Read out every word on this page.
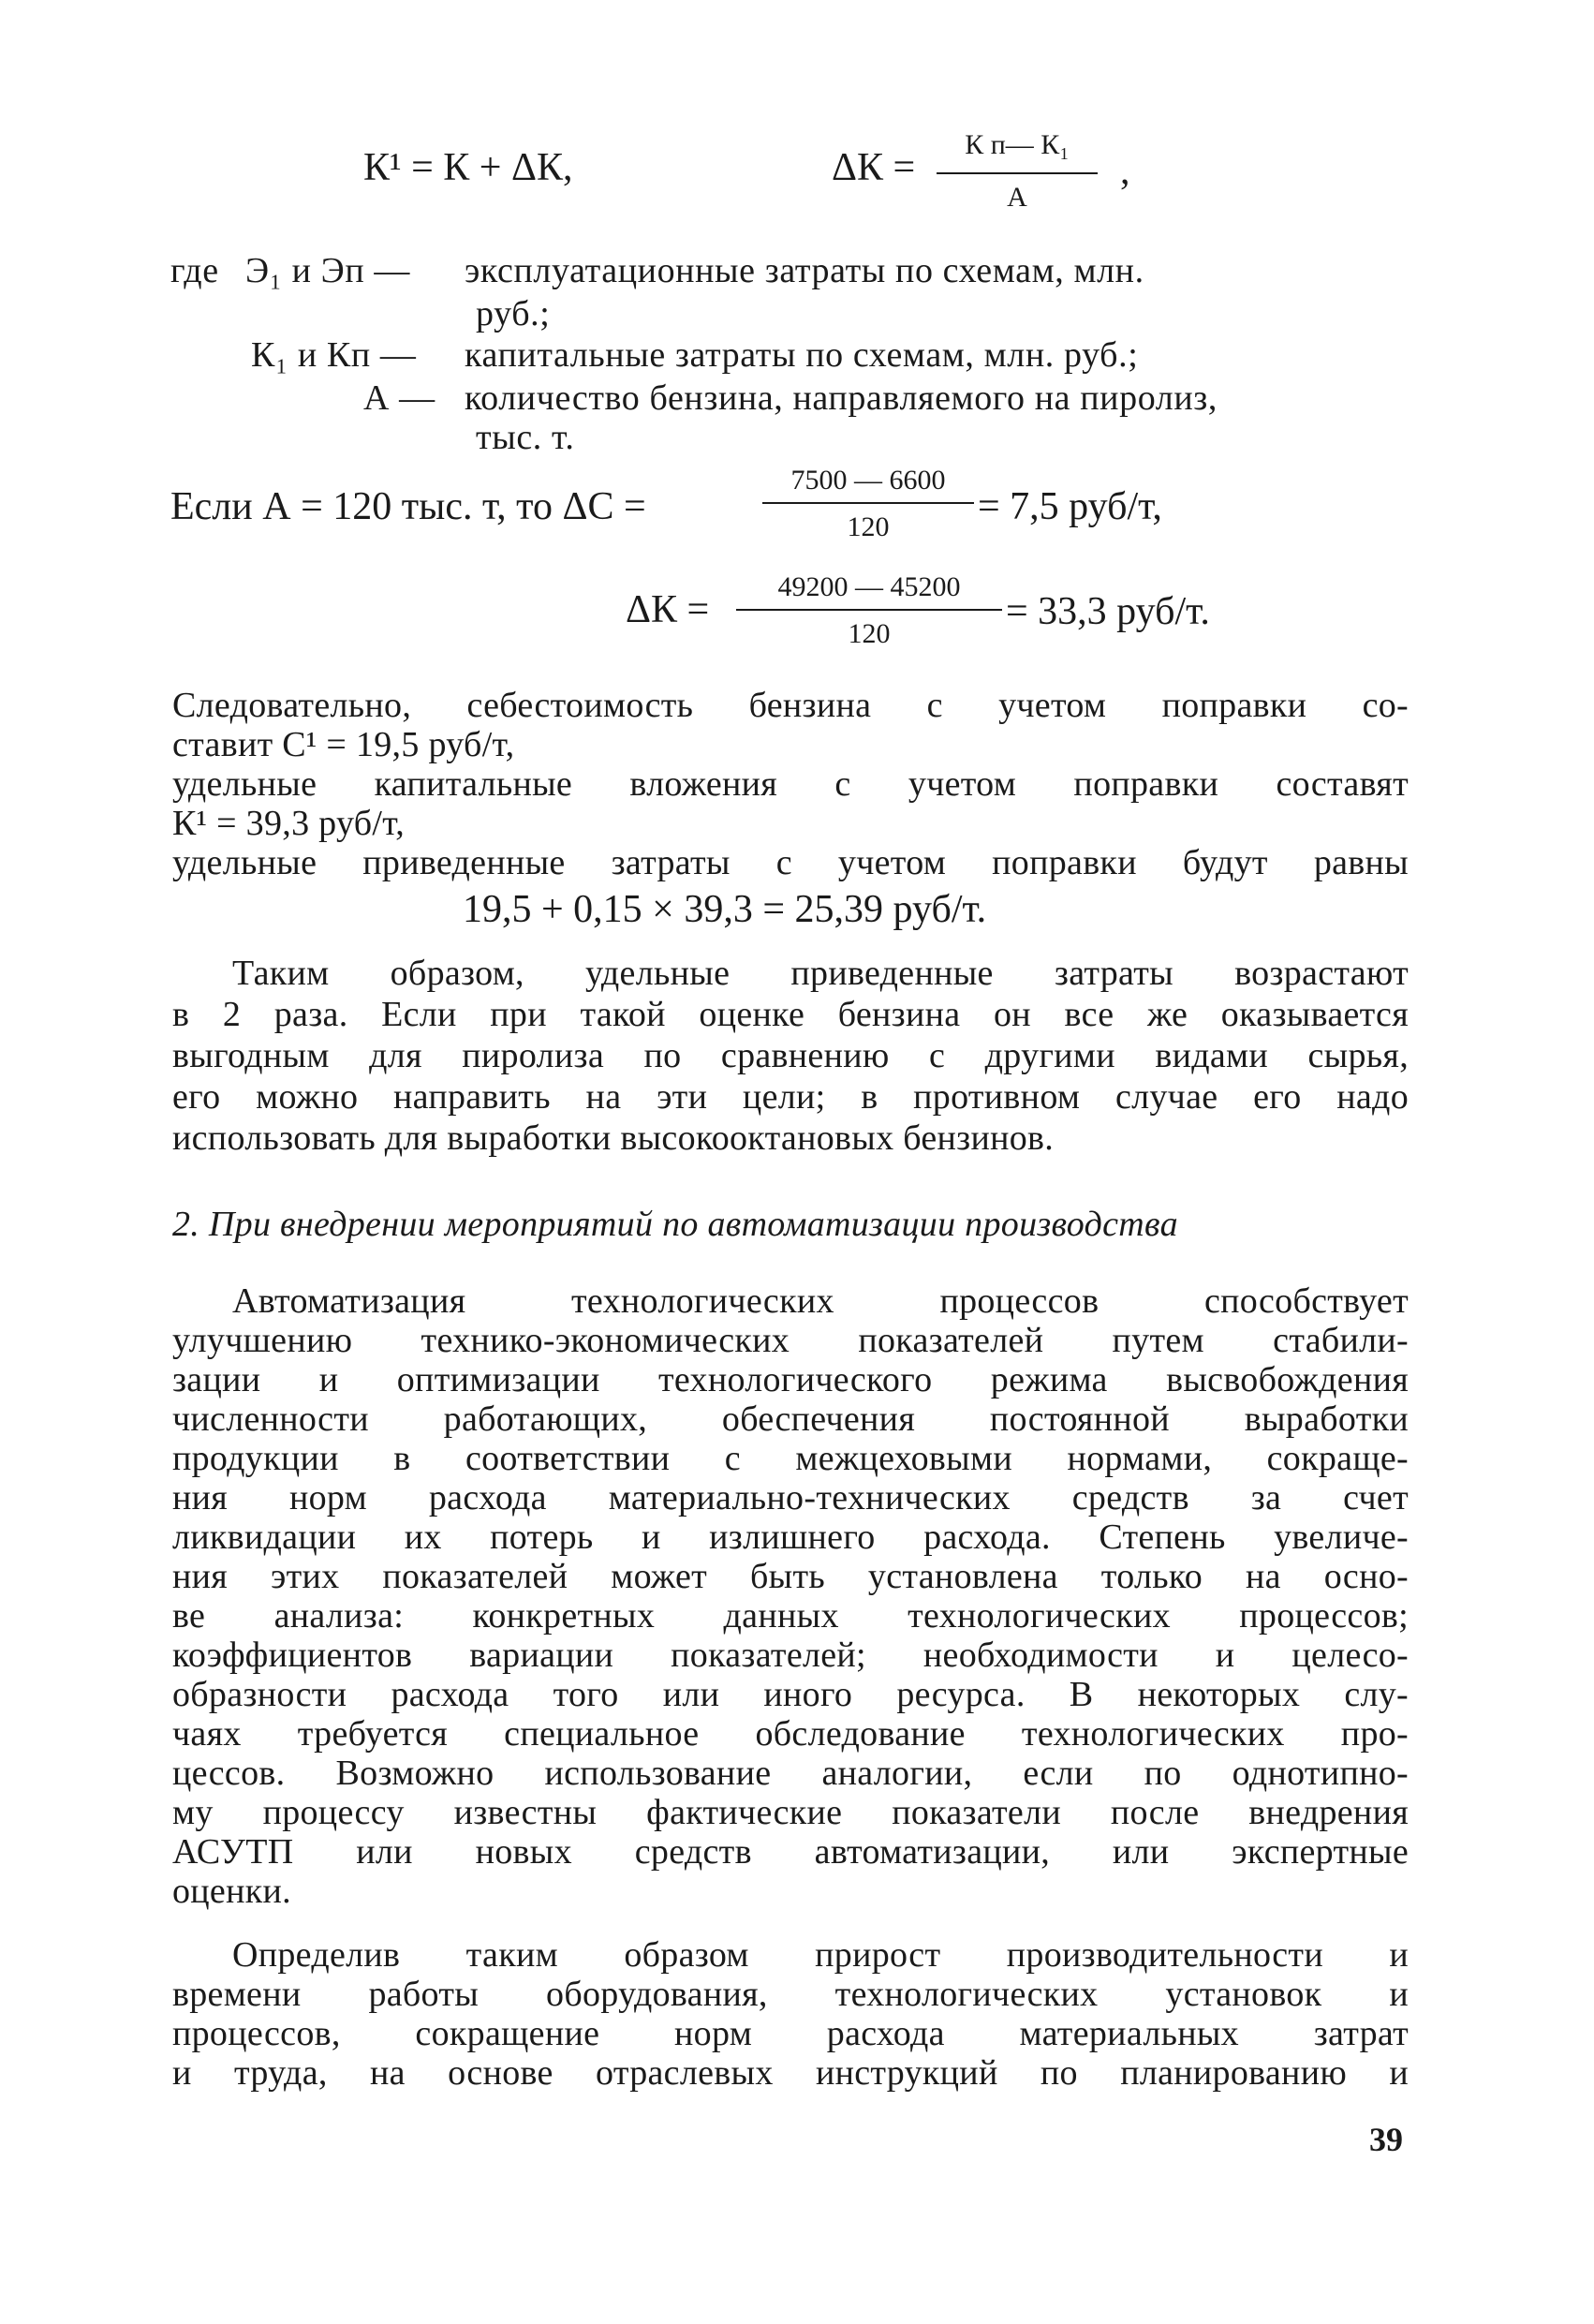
К¹ = К + ΔК,	ΔК =
К п— К₁
А
,
где Э₁ и Эп — эксплуатационные затраты по схемам, млн.
руб.;
К₁ и Кп — капитальные затраты по схемам, млн. руб.;
А — количество бензина, направляемого на пиролиз,
тыс. т.
Если А = 120 тыс. т, то ΔС =
7500 — 6600
120	= 7,5 руб/т,
ΔК =
49200 — 45200
120
= 33,3 руб/т.
Следовательно, себестоимость бензина с учетом поправки со-
ставит С¹ = 19,5 руб/т,
удельные капитальные вложения с учетом поправки составят
К¹ = 39,3 руб/т,
удельные приведенные затраты с учетом поправки будут равны
19,5 + 0,15 × 39,3 = 25,39 руб/т.
Таким образом, удельные приведенные затраты возрастают
в 2 раза. Если при такой оценке бензина он все же оказывается
выгодным для пиролиза по сравнению с другими видами сырья,
его можно направить на эти цели; в противном случае его надо
использовать для выработки высокооктановых бензинов.
2. При внедрении мероприятий по автоматизации производства
Автоматизация технологических процессов способствует
улучшению технико-экономических показателей путем стабили-
зации и оптимизации технологического режима высвобождения
численности работающих, обеспечения постоянной выработки
продукции в соответствии с межцеховыми нормами, сокраще-
ния норм расхода материально-технических средств за счет
ликвидации их потерь и излишнего расхода. Степень увеличе-
ния этих показателей может быть установлена только на осно-
ве анализа: конкретных данных технологических процессов;
коэффициентов вариации показателей; необходимости и целесо-
образности расхода того или иного ресурса. В некоторых слу-
чаях требуется специальное обследование технологических про-
цессов. Возможно использование аналогии, если по однотипно-
му процессу известны фактические показатели после внедрения
АСУТП или новых средств автоматизации, или экспертные
оценки.
Определив таким образом прирост производительности и
времени работы оборудования, технологических установок и
процессов, сокращение норм расхода материальных затрат
и труда, на основе отраслевых инструкций по планированию и
39
